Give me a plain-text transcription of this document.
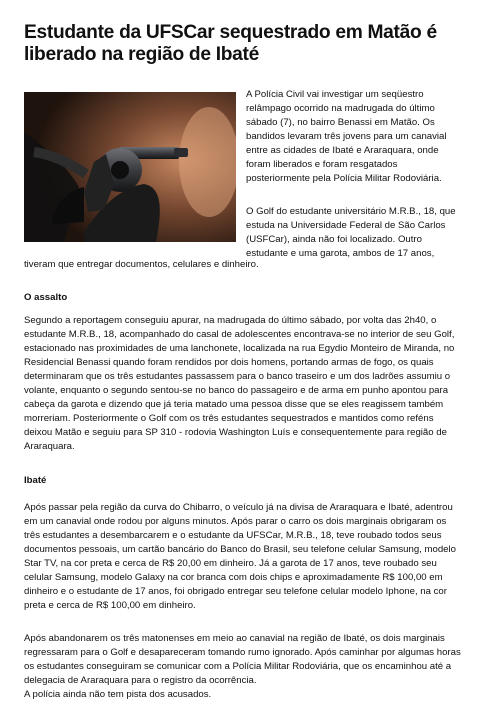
Estudante da UFSCar sequestrado em Matão é liberado na região de Ibaté

A Polícia Civil vai investigar um seqüestro relâmpago ocorrido na madrugada do último sábado (7), no bairro Benassi em Matão. Os bandidos levaram três jovens para um canavial entre as cidades de Ibaté e Araraquara, onde foram liberados e foram resgatados posteriormente pela Polícia Militar Rodoviária.

O Golf do estudante universitário M.R.B., 18, que estuda na Universidade Federal de São Carlos (USFCar), ainda não foi localizado. Outro estudante e uma garota, ambos de 17 anos,

tiveram que entregar documentos, celulares e dinheiro.

O assalto

Segundo a reportagem conseguiu apurar, na madrugada do último sábado, por volta das 2h40, o estudante M.R.B., 18, acompanhado do casal de adolescentes encontrava-se no interior de seu Golf, estacionado nas proximidades de uma lanchonete, localizada na rua Egydio Monteiro de Miranda, no Residencial Benassi quando foram rendidos por dois homens, portando armas de fogo, os quais determinaram que os três estudantes passassem para o banco traseiro e um dos ladrões assumiu o volante, enquanto o segundo sentou-se no banco do passageiro e de arma em punho apontou para cabeça da garota e dizendo que já teria matado uma pessoa disse que se eles reagissem também morreriam. Posteriormente o Golf com os três estudantes sequestrados e mantidos como reféns deixou Matão e seguiu para SP 310 - rodovia Washington Luís e consequentemente para região de Araraquara.

Ibaté

Após passar pela região da curva do Chibarro, o veículo já na divisa de Araraquara e Ibaté, adentrou em um canavial onde rodou por alguns minutos. Após parar o carro os dois marginais obrigaram os três estudantes a desembarcarem e o estudante da UFSCar, M.R.B., 18, teve roubado todos seus documentos pessoais, um cartão bancário do Banco do Brasil, seu telefone celular Samsung, modelo Star TV, na cor preta e cerca de R$ 20,00 em dinheiro. Já a garota de 17 anos, teve roubado seu celular Samsung, modelo Galaxy na cor branca com dois chips e aproximadamente R$ 100,00 em dinheiro e o estudante de 17 anos, foi obrigado entregar seu telefone celular modelo Iphone, na cor preta e cerca de R$ 100,00 em dinheiro.

Após abandonarem os três matonenses em meio ao canavial na região de Ibaté, os dois marginais regressaram para o Golf e desapareceram tomando rumo ignorado. Após caminhar por algumas horas os estudantes conseguiram se comunicar com a Polícia Militar Rodoviária, que os encaminhou até a delegacia de Araraquara para o registro da ocorrência.

A polícia ainda não tem pista dos acusados.
